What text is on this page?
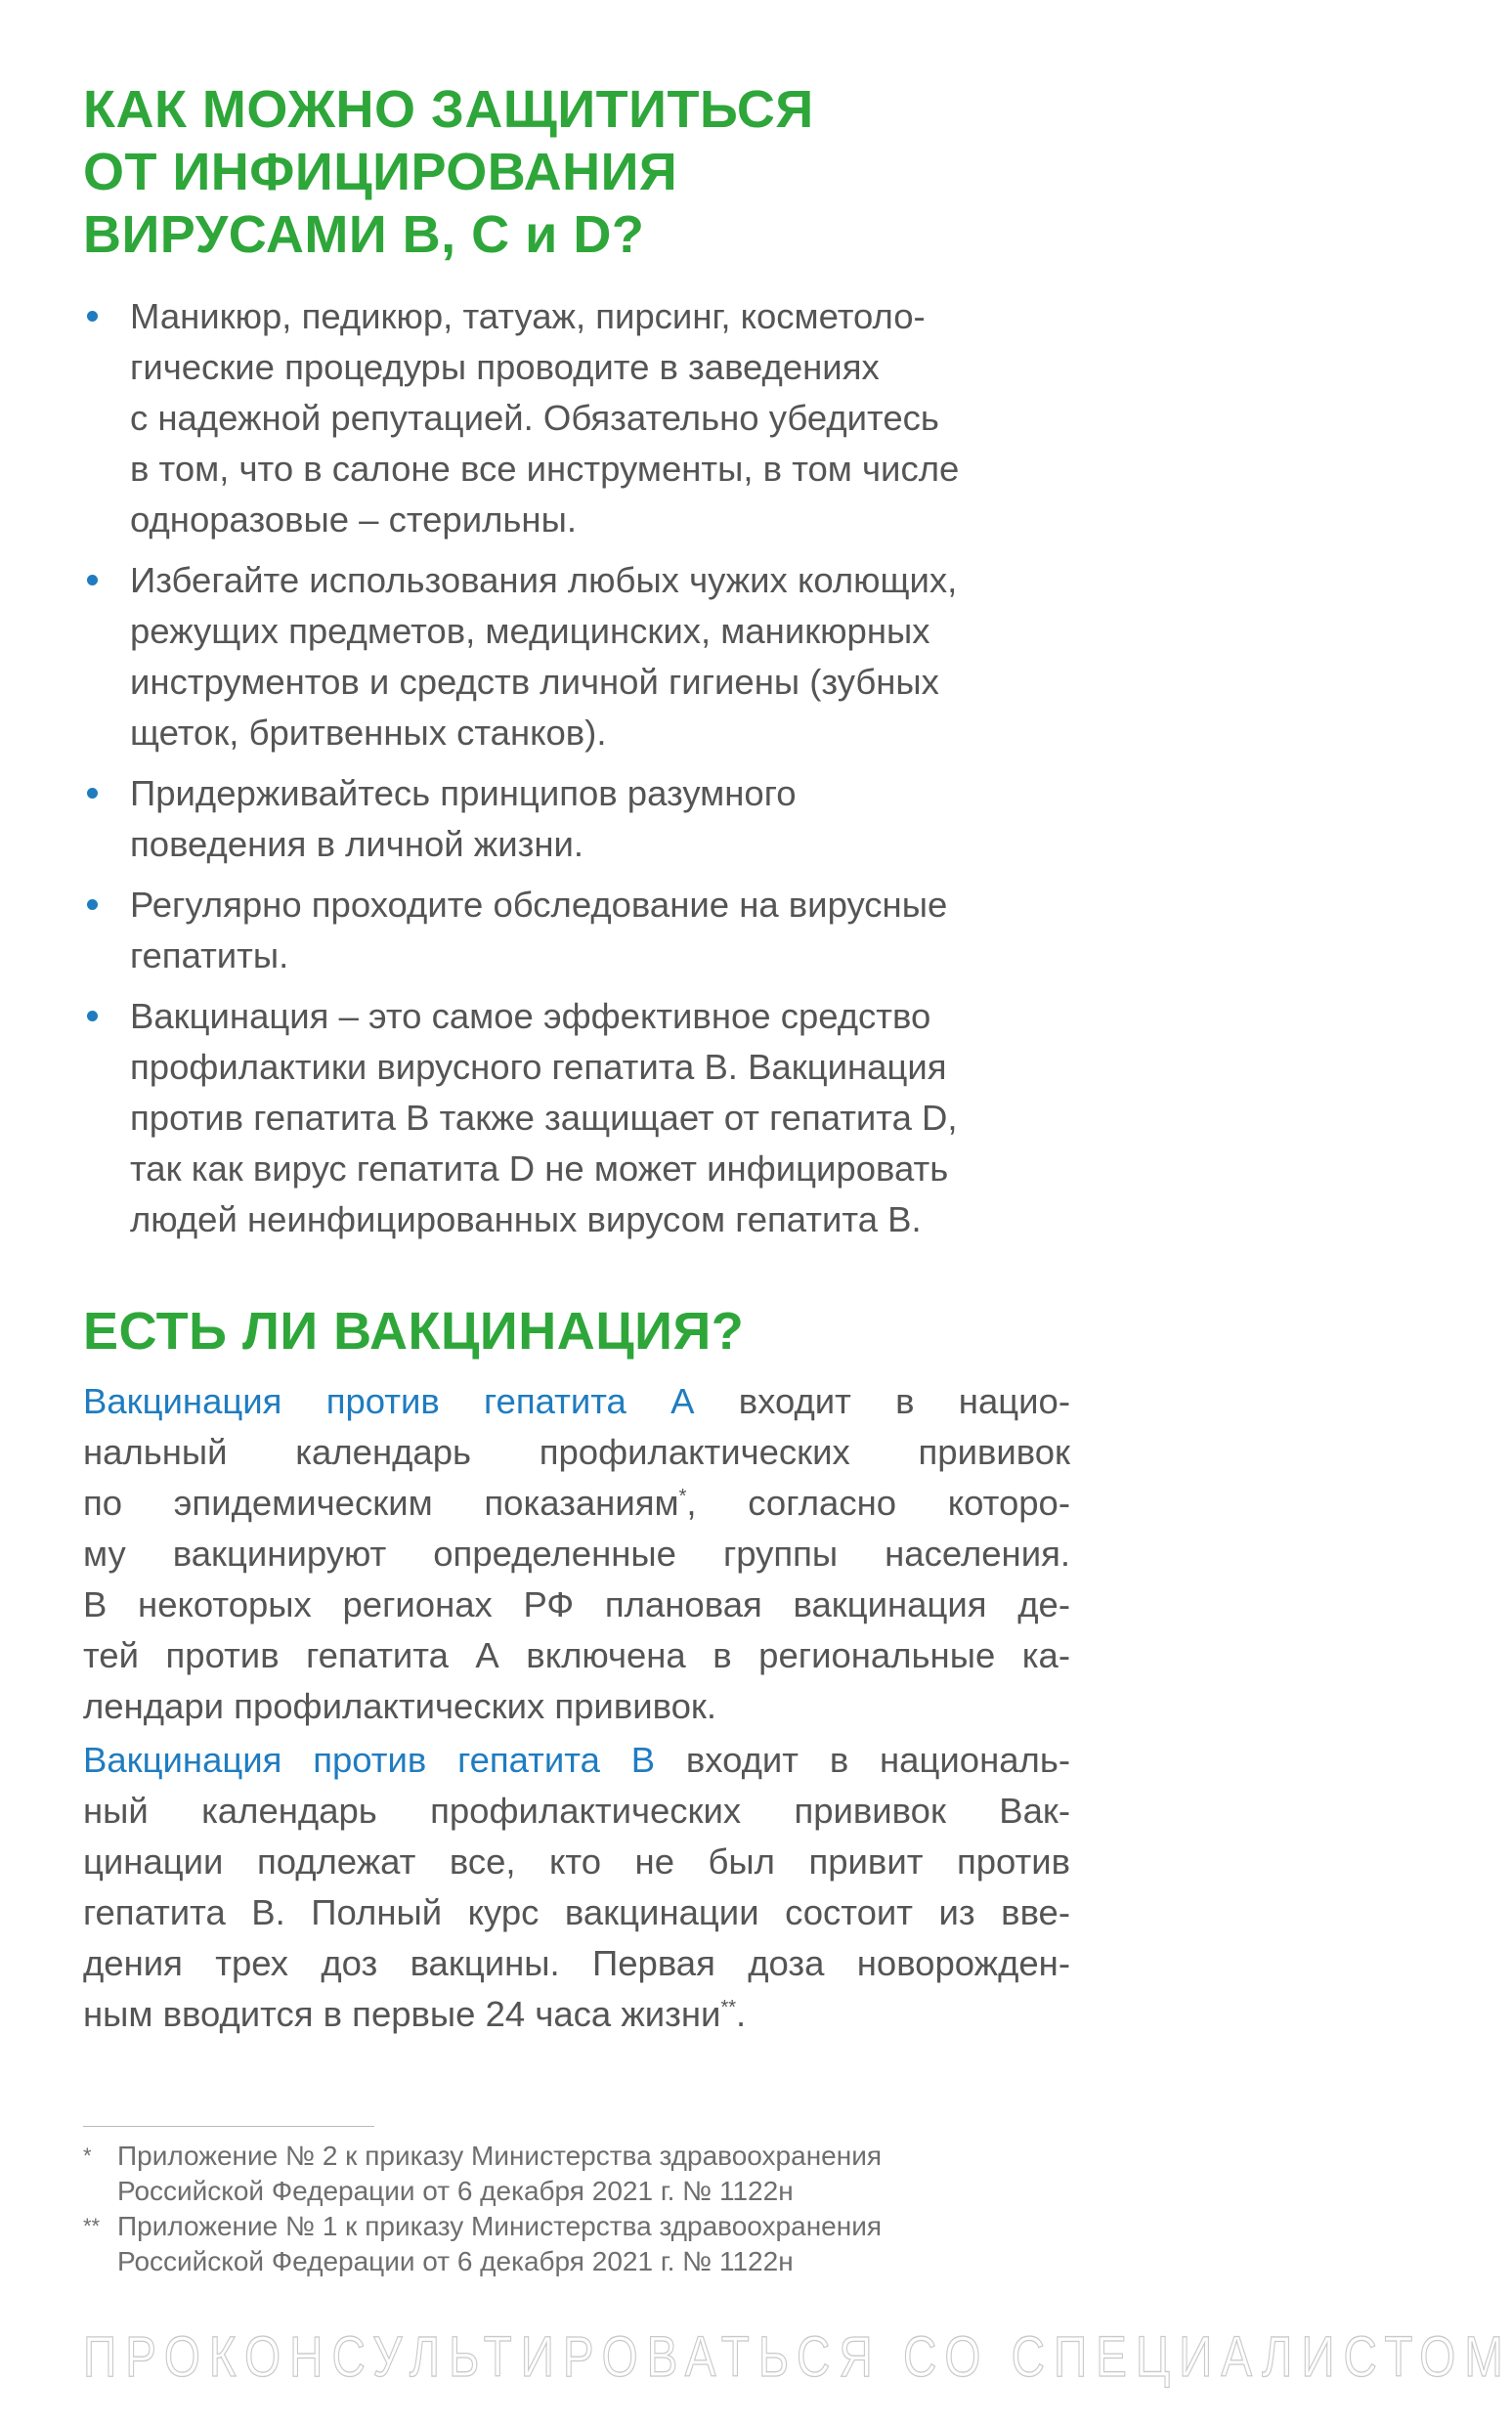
КАК МОЖНО ЗАЩИТИТЬСЯ
ОТ ИНФИЦИРОВАНИЯ
ВИРУСАМИ В, С и D?
Маникюр, педикюр, татуаж, пирсинг, косметоло-
гические процедуры проводите в заведениях
с надежной репутацией. Обязательно убедитесь
в том, что в салоне все инструменты, в том числе
одноразовые – стерильны.
Избегайте использования любых чужих колющих,
режущих предметов, медицинских, маникюрных
инструментов и средств личной гигиены (зубных
щеток, бритвенных станков).
Придерживайтесь принципов разумного
поведения в личной жизни.
Регулярно проходите обследование на вирусные
гепатиты.
Вакцинация – это самое эффективное средство
профилактики вирусного гепатита В. Вакцинация
против гепатита В также защищает от гепатита D,
так как вирус гепатита D не может инфицировать
людей неинфицированных вирусом гепатита В.
ЕСТЬ ЛИ ВАКЦИНАЦИЯ?
Вакцинация против гепатита А входит в нацио-
нальный календарь профилактических прививок
по эпидемическим показаниям*, согласно которо-
му вакцинируют определенные группы населения.
В некоторых регионах РФ плановая вакцинация де-
тей против гепатита А включена в региональные ка-
лендари профилактических прививок.
Вакцинация против гепатита В входит в националь-
ный календарь профилактических прививок Вак-
цинации подлежат все, кто не был привит против
гепатита В. Полный курс вакцинации состоит из вве-
дения трех доз вакцины. Первая доза новорожден-
ным вводится в первые 24 часа жизни**.
* Приложение № 2 к приказу Министерства здравоохранения
Российской Федерации от 6 декабря 2021 г. № 1122н
** Приложение № 1 к приказу Министерства здравоохранения
Российской Федерации от 6 декабря 2021 г. № 1122н
ПРОКОНСУЛЬТИРОВАТЬСЯ СО СПЕЦИАЛИСТОМ
